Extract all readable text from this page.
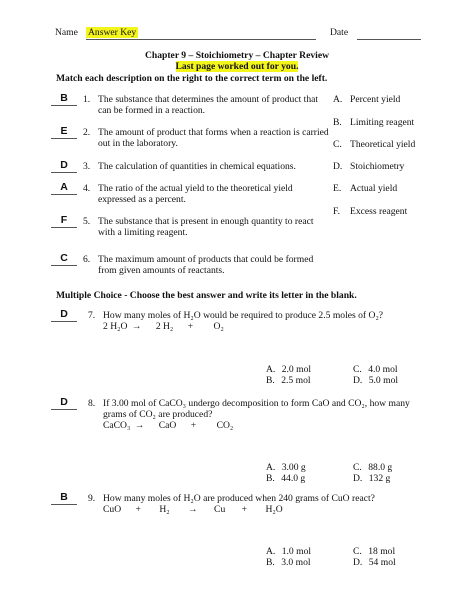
Name Answer Key	Date
Chapter 9 – Stoichiometry – Chapter Review
Last page worked out for you.
Match each description on the right to the correct term on the left.
B	1. The substance that determines the amount of product that
can be formed in a reaction.
E	2. The amount of product that forms when a reaction is carried
out in the laboratory.
D	3. The calculation of quantities in chemical equations.
A	4. The ratio of the actual yield to the theoretical yield
expressed as a percent.
F	5. The substance that is present in enough quantity to react
with a limiting reagent.
C	6. The maximum amount of products that could be formed
from given amounts of reactants.
A. Percent yield
B. Limiting reagent
C. Theoretical yield
D. Stoichiometry
E. Actual yield
F. Excess reagent
Multiple Choice - Choose the best answer and write its letter in the blank.
D	7. How many moles of H₂O would be required to produce 2.5 moles of O₂?
2 H₂O → 2 H₂ + O₂
A. 2.0 mol	C. 4.0 mol
B. 2.5 mol	D. 5.0 mol
D	8. If 3.00 mol of CaCO₃ undergo decomposition to form CaO and CO₂, how many
grams of CO₂ are produced?
CaCO₃ → CaO + CO₂
A. 3.00 g	C. 88.0 g
B. 44.0 g	D. 132 g
B	9. How many moles of H₂O are produced when 240 grams of CuO react?
CuO + H₂ → Cu + H₂O
A. 1.0 mol	C. 18 mol
B. 3.0 mol	D. 54 mol
